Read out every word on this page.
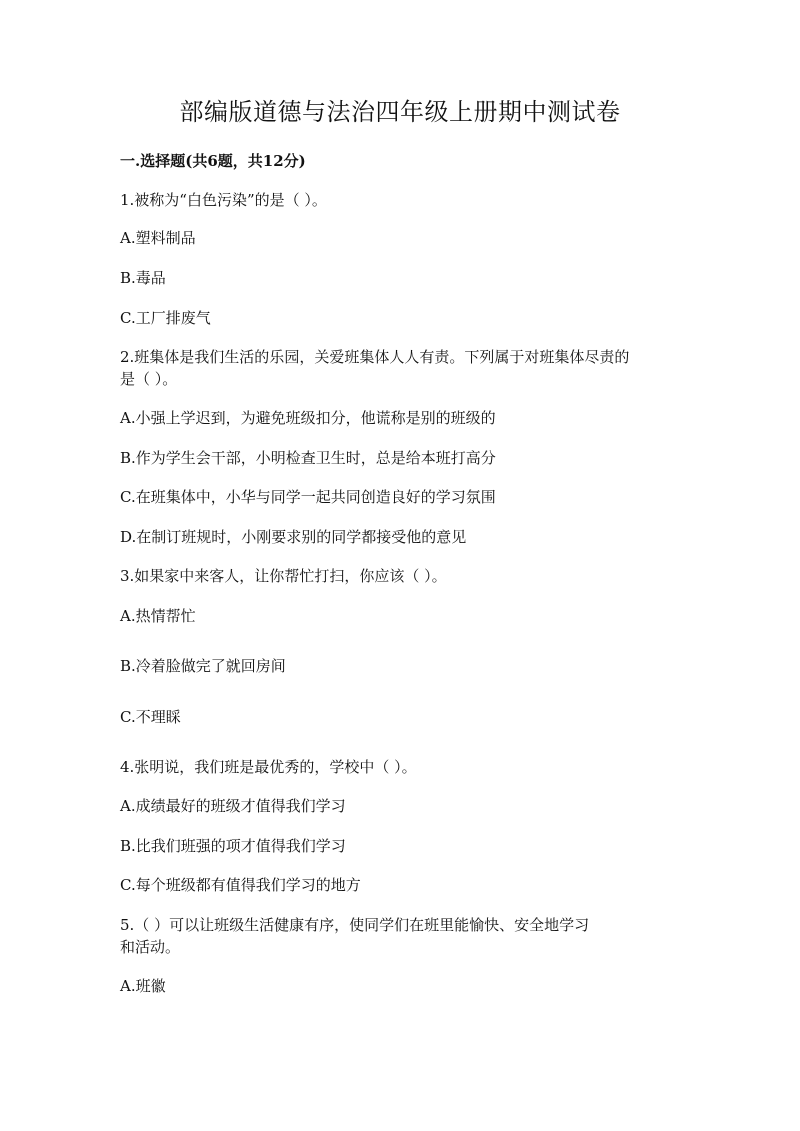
部编版道德与法治四年级上册期中测试卷
一.选择题(共6题，共12分)
1.被称为“白色污染”的是（ ）。
A.塑料制品
B.毒品
C.工厂排废气
2.班集体是我们生活的乐园，关爱班集体人人有责。下列属于对班集体尽责的
是（ ）。
A.小强上学迟到，为避免班级扣分，他谎称是别的班级的
B.作为学生会干部，小明检查卫生时，总是给本班打高分
C.在班集体中，小华与同学一起共同创造良好的学习氛围
D.在制订班规时，小刚要求别的同学都接受他的意见
3.如果家中来客人，让你帮忙打扫，你应该（ ）。
A.热情帮忙
B.冷着脸做完了就回房间
C.不理睬
4.张明说，我们班是最优秀的，学校中（ ）。
A.成绩最好的班级才值得我们学习
B.比我们班强的项才值得我们学习
C.每个班级都有值得我们学习的地方
5.（ ）可以让班级生活健康有序，使同学们在班里能愉快、安全地学习
和活动。
A.班徽
